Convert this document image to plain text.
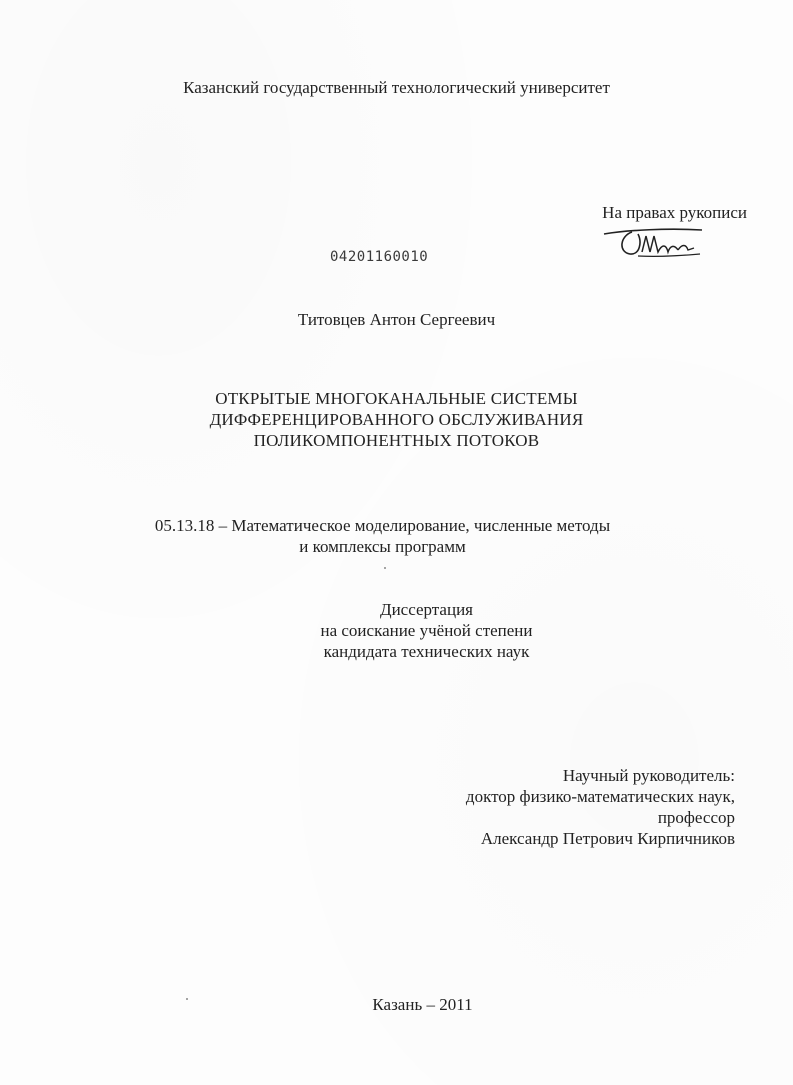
Казанский государственный технологический университет
На правах рукописи
04201160010
Титовцев Антон Сергеевич
ОТКРЫТЫЕ МНОГОКАНАЛЬНЫЕ СИСТЕМЫ
ДИФФЕРЕНЦИРОВАННОГО ОБСЛУЖИВАНИЯ
ПОЛИКОМПОНЕНТНЫХ ПОТОКОВ
05.13.18 – Математическое моделирование, численные методы
и комплексы программ
Диссертация
на соискание учёной степени
кандидата технических наук
Научный руководитель:
доктор физико-математических наук,
профессор
Александр Петрович Кирпичников
Казань – 2011
